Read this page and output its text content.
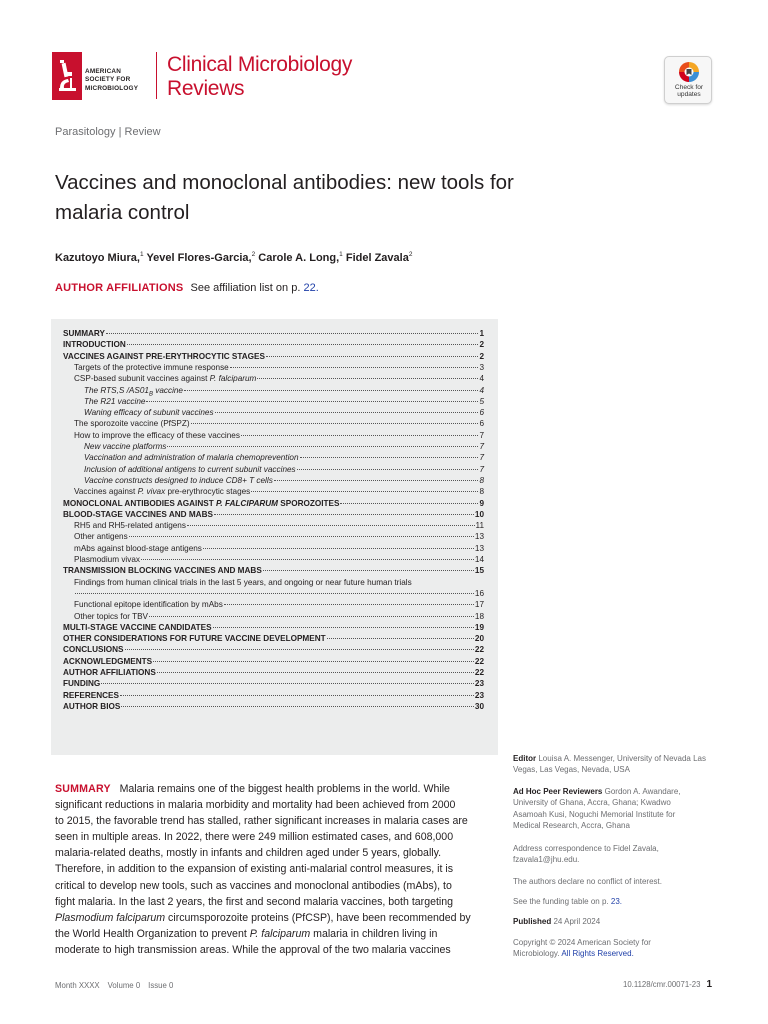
AMERICAN
SOCIETY FOR
MICROBIOLOGY
Clinical Microbiology
Reviews	Check for
updates
Parasitology | Review
Vaccines and monoclonal antibodies: new tools for
malaria control
Kazutoyo Miura,$^1$ Yevel Flores-Garcia,$^2$ Carole A. Long,$^1$ Fidel Zavala$^2$
AUTHOR AFFILIATIONS See affiliation list on p. 22.
SUMMARY	1
INTRODUCTION	2
VACCINES AGAINST PRE-ERYTHROCYTIC STAGES	2
Targets of the protective immune response	3
CSP-based subunit vaccines against P. falciparum	4
The RTS,S $/AS01_B$ vaccine	4
The R21 vaccine	5
Waning efficacy of subunit vaccines	6
The sporozoite vaccine (PfSPZ)	6
How to improve the efficacy of these vaccines	7
New vaccine platforms	7
Vaccination and administration of malaria chemoprevention	7
Inclusion of additional antigens to current subunit vaccines	7
Vaccine constructs designed to induce CD8+ T cells	8
Vaccines against P. vivax pre-erythrocytic stages	8
MONOCLONAL ANTIBODIES AGAINST P. FALCIPARUM SPOROZOITES	9
BLOOD-STAGE VACCINES AND MABS	10
RH5 and RH5-related antigens	11
Other antigens	13
mAbs against blood-stage antigens	13
Plasmodium vivax	14
TRANSMISSION BLOCKING VACCINES AND MABS	15
Findings from human clinical trials in the last 5 years, and ongoing or near future human trials
16
Functional epitope identification by mAbs	17
Other topics for TBV	18
MULTI-STAGE VACCINE CANDIDATES	19
OTHER CONSIDERATIONS FOR FUTURE VACCINE DEVELOPMENT	20
CONCLUSIONS	22
ACKNOWLEDGMENTS	22
AUTHOR AFFILIATIONS	22
FUNDING	23
REFERENCES	23
AUTHOR BIOS	30
Editor Louisa A. Messenger, University of Nevada Las
Vegas, Las Vegas, Nevada, USA
Ad Hoc Peer Reviewers Gordon A. Awandare,
University of Ghana, Accra, Ghana; Kwadwo
Asamoah Kusi, Noguchi Memorial Institute for
Medical Research, Accra, Ghana
Address correspondence to Fidel Zavala,
fzavala1@jhu.edu.
The authors declare no conflict of interest.
See the funding table on p. 23.
Published 24 April 2024
Copyright © 2024 American Society for
Microbiology. All Rights Reserved.
SUMMARY Malaria remains one of the biggest health problems in the world. While
significant reductions in malaria morbidity and mortality had been achieved from 2000
to 2015, the favorable trend has stalled, rather significant increases in malaria cases are
seen in multiple areas. In 2022, there were 249 million estimated cases, and 608,000
malaria-related deaths, mostly in infants and children aged under 5 years, globally.
Therefore, in addition to the expansion of existing anti-malarial control measures, it is
critical to develop new tools, such as vaccines and monoclonal antibodies (mAbs), to
fight malaria. In the last 2 years, the first and second malaria vaccines, both targeting
Plasmodium falciparum circumsporozoite proteins (PfCSP), have been recommended by
the World Health Organization to prevent P. falciparum malaria in children living in
moderate to high transmission areas. While the approval of the two malaria vaccines
Month XXXX Volume 0 Issue 0	10.1128/cmr.00071-23 1
